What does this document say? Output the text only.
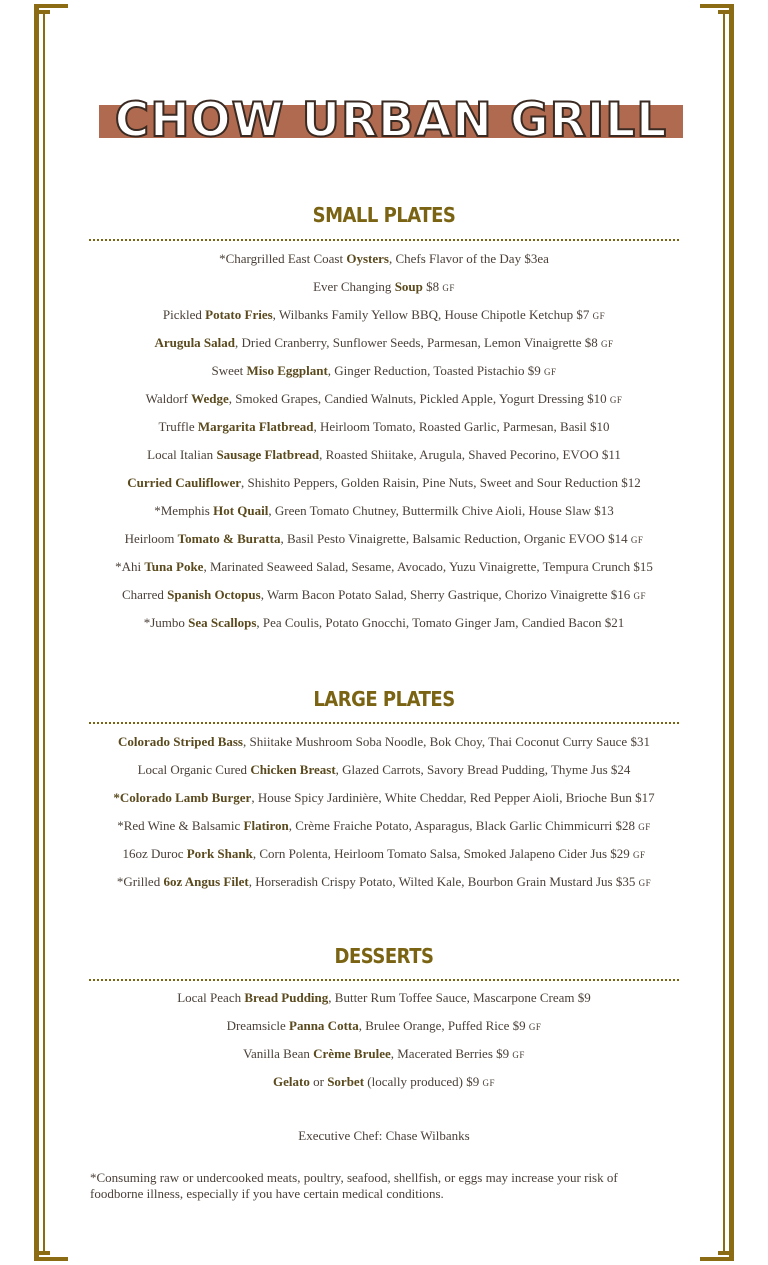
CHOW URBAN GRILL
SMALL PLATES
*Chargrilled East Coast Oysters, Chefs Flavor of the Day $3ea
Ever Changing Soup $8 GF
Pickled Potato Fries, Wilbanks Family Yellow BBQ, House Chipotle Ketchup $7 GF
Arugula Salad, Dried Cranberry, Sunflower Seeds, Parmesan, Lemon Vinaigrette $8 GF
Sweet Miso Eggplant, Ginger Reduction, Toasted Pistachio $9 GF
Waldorf Wedge, Smoked Grapes, Candied Walnuts, Pickled Apple, Yogurt Dressing $10 GF
Truffle Margarita Flatbread, Heirloom Tomato, Roasted Garlic, Parmesan, Basil $10
Local Italian Sausage Flatbread, Roasted Shiitake, Arugula, Shaved Pecorino, EVOO $11
Curried Cauliflower, Shishito Peppers, Golden Raisin, Pine Nuts, Sweet and Sour Reduction $12
*Memphis Hot Quail, Green Tomato Chutney, Buttermilk Chive Aioli, House Slaw $13
Heirloom Tomato & Buratta, Basil Pesto Vinaigrette, Balsamic Reduction, Organic EVOO $14 GF
*Ahi Tuna Poke, Marinated Seaweed Salad, Sesame, Avocado, Yuzu Vinaigrette, Tempura Crunch $15
Charred Spanish Octopus, Warm Bacon Potato Salad, Sherry Gastrique, Chorizo Vinaigrette $16 GF
*Jumbo Sea Scallops, Pea Coulis, Potato Gnocchi, Tomato Ginger Jam, Candied Bacon $21
LARGE PLATES
Colorado Striped Bass, Shiitake Mushroom Soba Noodle, Bok Choy, Thai Coconut Curry Sauce $31
Local Organic Cured Chicken Breast, Glazed Carrots, Savory Bread Pudding, Thyme Jus $24
*Colorado Lamb Burger, House Spicy Jardinière, White Cheddar, Red Pepper Aioli, Brioche Bun $17
*Red Wine & Balsamic Flatiron, Crème Fraiche Potato, Asparagus, Black Garlic Chimmicurri $28 GF
16oz Duroc Pork Shank, Corn Polenta, Heirloom Tomato Salsa, Smoked Jalapeno Cider Jus $29 GF
*Grilled 6oz Angus Filet, Horseradish Crispy Potato, Wilted Kale, Bourbon Grain Mustard Jus $35 GF
DESSERTS
Local Peach Bread Pudding, Butter Rum Toffee Sauce, Mascarpone Cream $9
Dreamsicle Panna Cotta, Brulee Orange, Puffed Rice $9 GF
Vanilla Bean Crème Brulee, Macerated Berries $9 GF
Gelato or Sorbet (locally produced) $9 GF
Executive Chef: Chase Wilbanks
*Consuming raw or undercooked meats, poultry, seafood, shellfish, or eggs may increase your risk of foodborne illness, especially if you have certain medical conditions.
